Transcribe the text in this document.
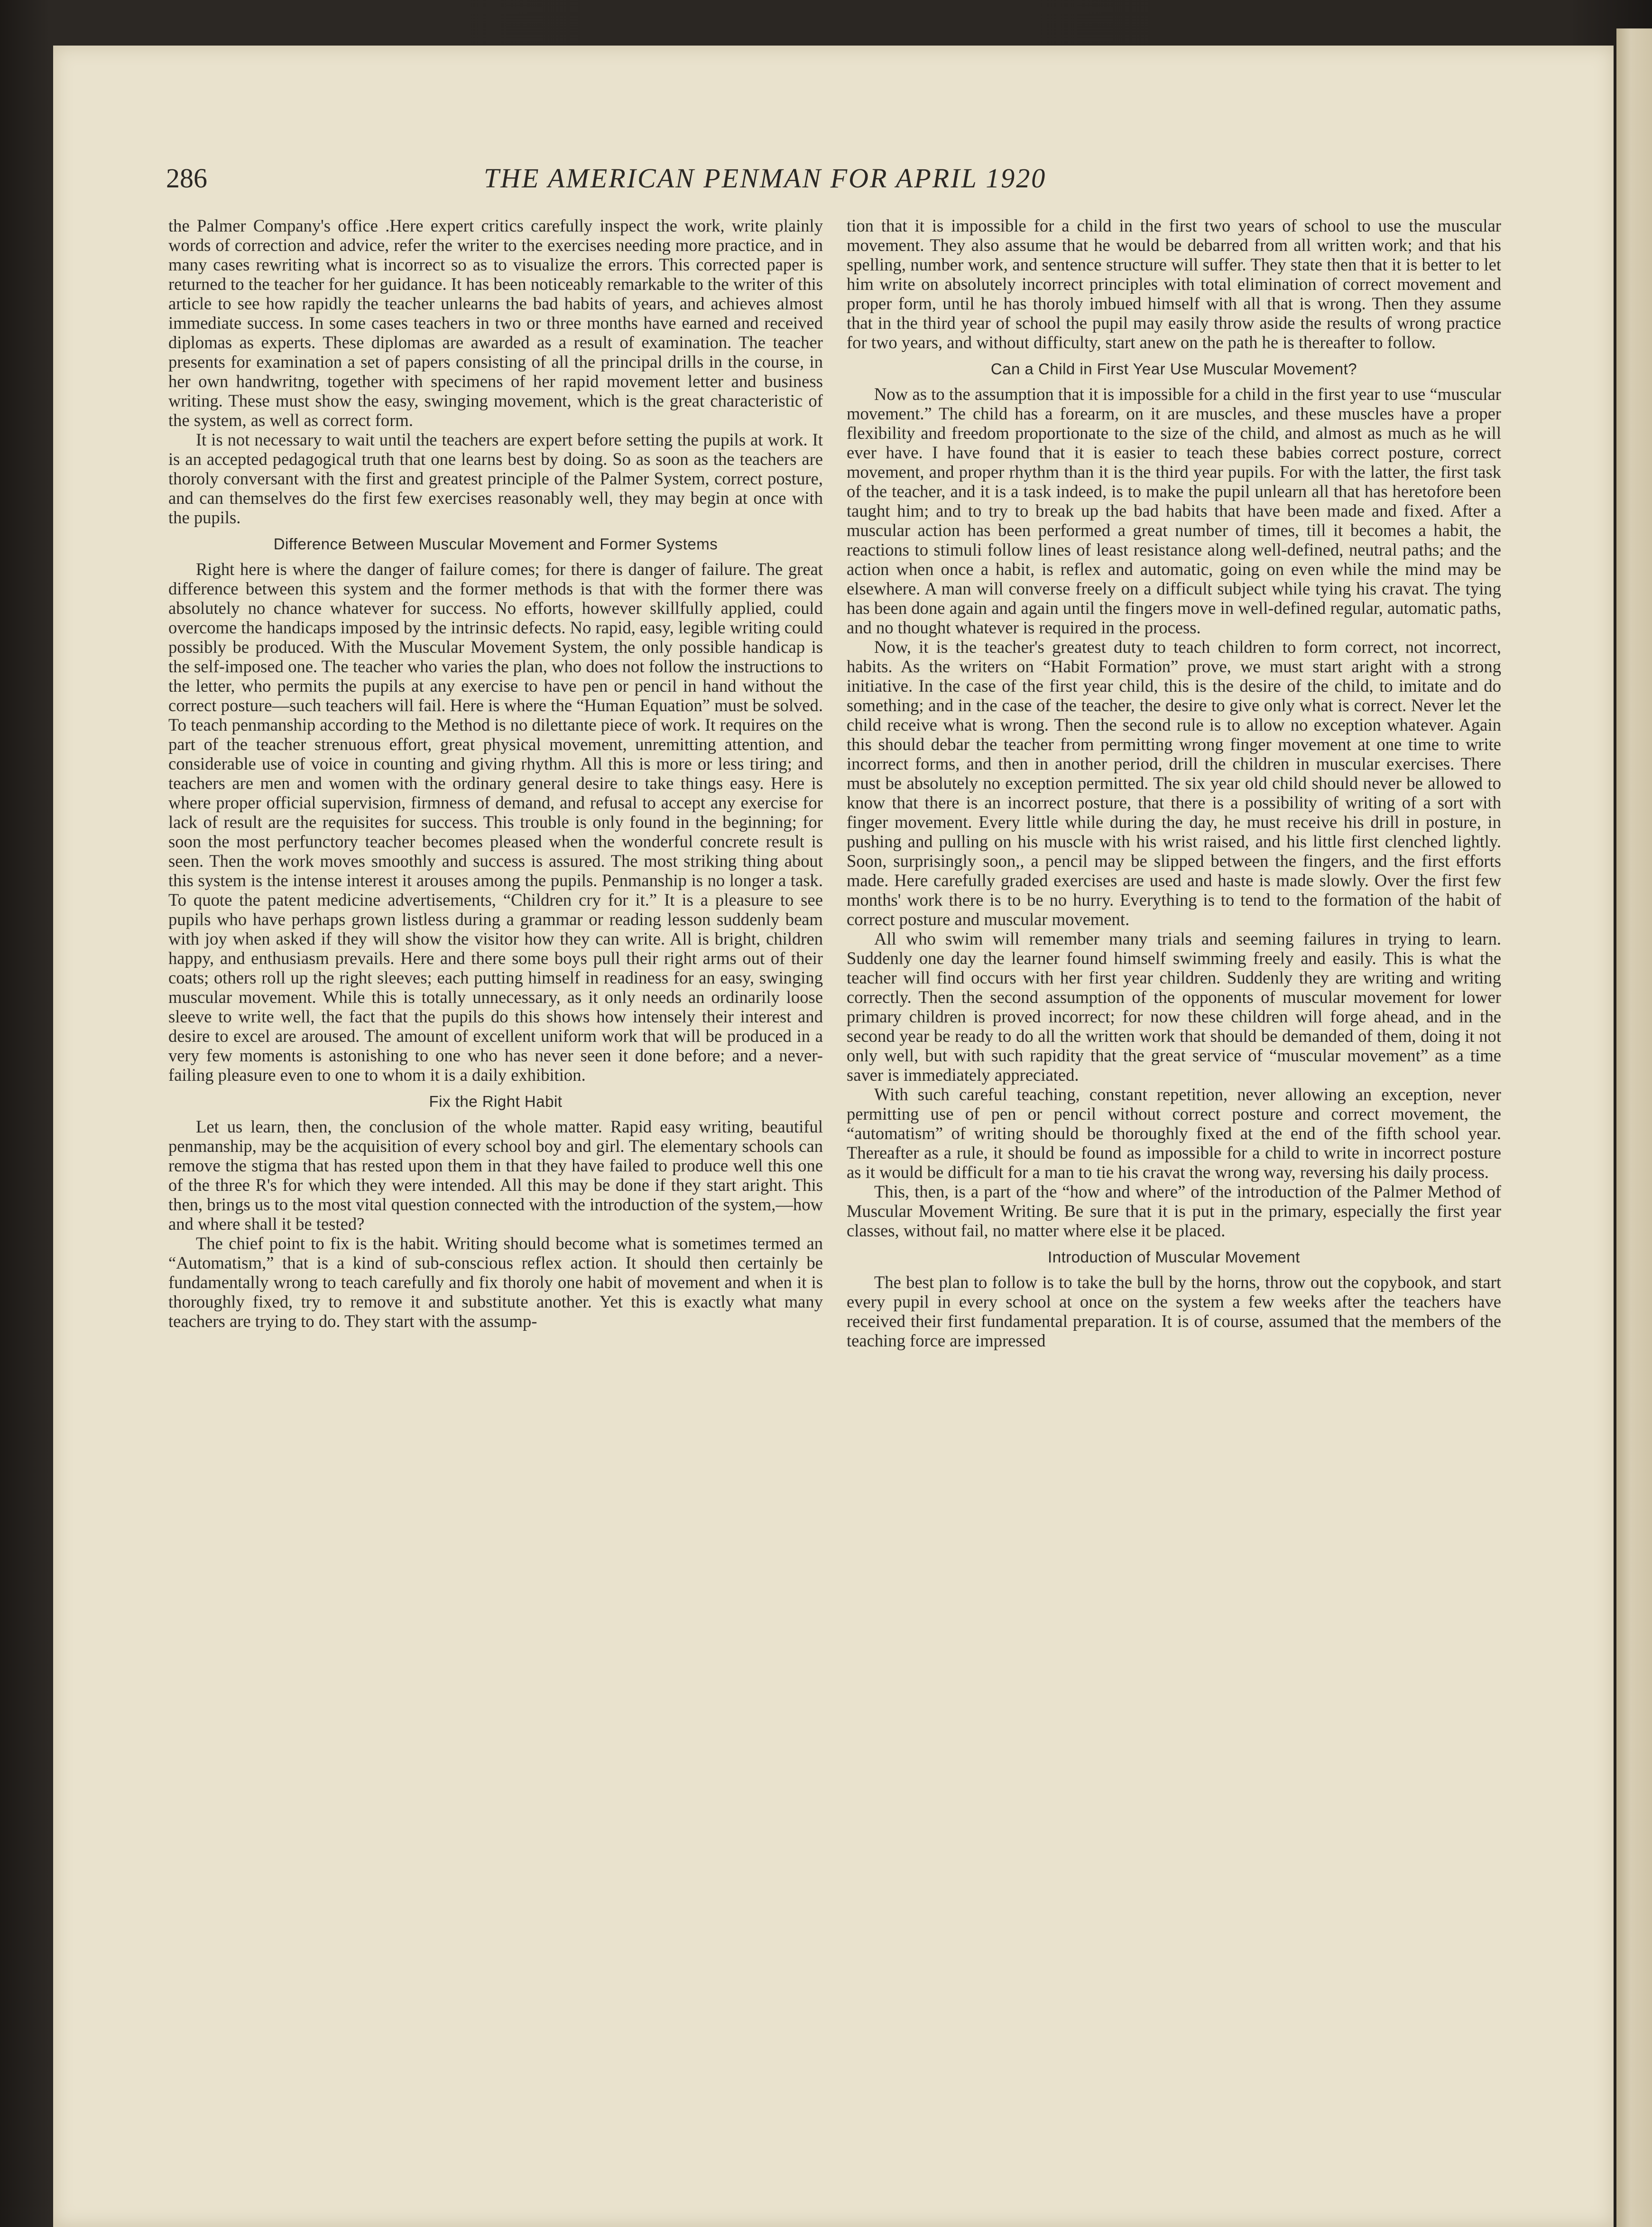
286	THE AMERICAN PENMAN FOR APRIL 1920

the Palmer Company's office .Here expert critics carefully inspect the work, write plainly words of correction and advice, refer the writer to the exercises needing more practice, and in many cases rewriting what is incorrect so as to visualize the errors. This corrected paper is returned to the teacher for her guidance. It has been noticeably remarkable to the writer of this article to see how rapidly the teacher unlearns the bad habits of years, and achieves almost immediate success. In some cases teachers in two or three months have earned and received diplomas as experts. These diplomas are awarded as a result of examination. The teacher presents for examination a set of papers consisting of all the principal drills in the course, in her own handwritng, together with specimens of her rapid movement letter and business writing. These must show the easy, swinging movement, which is the great characteristic of the system, as well as correct form.

It is not necessary to wait until the teachers are expert before setting the pupils at work. It is an accepted pedagogical truth that one learns best by doing. So as soon as the teachers are thoroly conversant with the first and greatest principle of the Palmer System, correct posture, and can themselves do the first few exercises reasonably well, they may begin at once with the pupils.

Difference Between Muscular Movement and Former Systems

Right here is where the danger of failure comes; for there is danger of failure. The great difference between this system and the former methods is that with the former there was absolutely no chance whatever for success. No efforts, however skillfully applied, could overcome the handicaps imposed by the intrinsic defects. No rapid, easy, legible writing could possibly be produced. With the Muscular Movement System, the only possible handicap is the self-imposed one. The teacher who varies the plan, who does not follow the instructions to the letter, who permits the pupils at any exercise to have pen or pencil in hand without the correct posture—such teachers will fail. Here is where the “Human Equation” must be solved. To teach penmanship according to the Method is no dilettante piece of work. It requires on the part of the teacher strenuous effort, great physical movement, unremitting attention, and considerable use of voice in counting and giving rhythm. All this is more or less tiring; and teachers are men and women with the ordinary general desire to take things easy. Here is where proper official supervision, firmness of demand, and refusal to accept any exercise for lack of result are the requisites for success. This trouble is only found in the beginning; for soon the most perfunctory teacher becomes pleased when the wonderful concrete result is seen. Then the work moves smoothly and success is assured. The most striking thing about this system is the intense interest it arouses among the pupils. Penmanship is no longer a task. To quote the patent medicine advertisements, “Children cry for it.” It is a pleasure to see pupils who have perhaps grown listless during a grammar or reading lesson suddenly beam with joy when asked if they will show the visitor how they can write. All is bright, children happy, and enthusiasm prevails. Here and there some boys pull their right arms out of their coats; others roll up the right sleeves; each putting himself in readiness for an easy, swinging muscular movement. While this is totally unnecessary, as it only needs an ordinarily loose sleeve to write well, the fact that the pupils do this shows how intensely their interest and desire to excel are aroused. The amount of excellent uniform work that will be produced in a very few moments is astonishing to one who has never seen it done before; and a never-failing pleasure even to one to whom it is a daily exhibition.

Fix the Right Habit

Let us learn, then, the conclusion of the whole matter. Rapid easy writing, beautiful penmanship, may be the acquisition of every school boy and girl. The elementary schools can remove the stigma that has rested upon them in that they have failed to produce well this one of the three R's for which they were intended. All this may be done if they start aright. This then, brings us to the most vital question connected with the introduction of the system,—how and where shall it be tested?

The chief point to fix is the habit. Writing should become what is sometimes termed an “Automatism,” that is a kind of sub-conscious reflex action. It should then certainly be fundamentally wrong to teach carefully and fix thoroly one habit of movement and when it is thoroughly fixed, try to remove it and substitute another. Yet this is exactly what many teachers are trying to do. They start with the assump-

tion that it is impossible for a child in the first two years of school to use the muscular movement. They also assume that he would be debarred from all written work; and that his spelling, number work, and sentence structure will suffer. They state then that it is better to let him write on absolutely incorrect principles with total elimination of correct movement and proper form, until he has thoroly imbued himself with all that is wrong. Then they assume that in the third year of school the pupil may easily throw aside the results of wrong practice for two years, and without difficulty, start anew on the path he is thereafter to follow.

Can a Child in First Year Use Muscular Movement?

Now as to the assumption that it is impossible for a child in the first year to use “muscular movement.” The child has a forearm, on it are muscles, and these muscles have a proper flexibility and freedom proportionate to the size of the child, and almost as much as he will ever have. I have found that it is easier to teach these babies correct posture, correct movement, and proper rhythm than it is the third year pupils. For with the latter, the first task of the teacher, and it is a task indeed, is to make the pupil unlearn all that has heretofore been taught him; and to try to break up the bad habits that have been made and fixed. After a muscular action has been performed a great number of times, till it becomes a habit, the reactions to stimuli follow lines of least resistance along well-defined, neutral paths; and the action when once a habit, is reflex and automatic, going on even while the mind may be elsewhere. A man will converse freely on a difficult subject while tying his cravat. The tying has been done again and again until the fingers move in well-defined regular, automatic paths, and no thought whatever is required in the process.

Now, it is the teacher's greatest duty to teach children to form correct, not incorrect, habits. As the writers on “Habit Formation” prove, we must start aright with a strong initiative. In the case of the first year child, this is the desire of the child, to imitate and do something; and in the case of the teacher, the desire to give only what is correct. Never let the child receive what is wrong. Then the second rule is to allow no exception whatever. Again this should debar the teacher from permitting wrong finger movement at one time to write incorrect forms, and then in another period, drill the children in muscular exercises. There must be absolutely no exception permitted. The six year old child should never be allowed to know that there is an incorrect posture, that there is a possibility of writing of a sort with finger movement. Every little while during the day, he must receive his drill in posture, in pushing and pulling on his muscle with his wrist raised, and his little first clenched lightly. Soon, surprisingly soon,, a pencil may be slipped between the fingers, and the first efforts made. Here carefully graded exercises are used and haste is made slowly. Over the first few months' work there is to be no hurry. Everything is to tend to the formation of the habit of correct posture and muscular movement.

All who swim will remember many trials and seeming failures in trying to learn. Suddenly one day the learner found himself swimming freely and easily. This is what the teacher will find occurs with her first year children. Suddenly they are writing and writing correctly. Then the second assumption of the opponents of muscular movement for lower primary children is proved incorrect; for now these children will forge ahead, and in the second year be ready to do all the written work that should be demanded of them, doing it not only well, but with such rapidity that the great service of “muscular movement” as a time saver is immediately appreciated.

With such careful teaching, constant repetition, never allowing an exception, never permitting use of pen or pencil without correct posture and correct movement, the “automatism” of writing should be thoroughly fixed at the end of the fifth school year. Thereafter as a rule, it should be found as impossible for a child to write in incorrect posture as it would be difficult for a man to tie his cravat the wrong way, reversing his daily process.

This, then, is a part of the “how and where” of the introduction of the Palmer Method of Muscular Movement Writing. Be sure that it is put in the primary, especially the first year classes, without fail, no matter where else it be placed.

Introduction of Muscular Movement

The best plan to follow is to take the bull by the horns, throw out the copybook, and start every pupil in every school at once on the system a few weeks after the teachers have received their first fundamental preparation. It is of course, assumed that the members of the teaching force are impressed
